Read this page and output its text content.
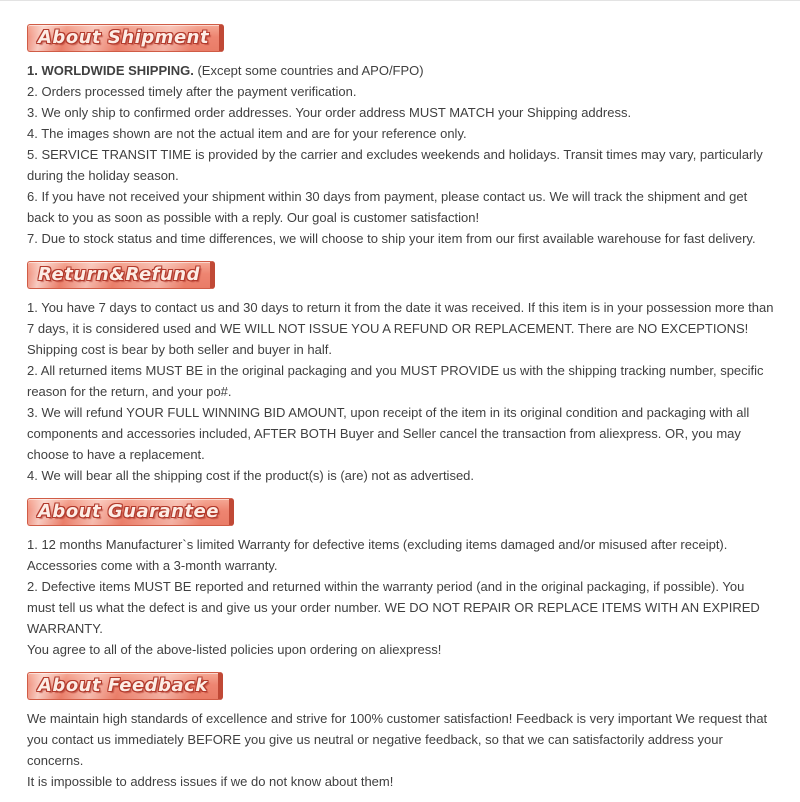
About Shipment

1. WORLDWIDE SHIPPING. (Except some countries and APO/FPO)

2. Orders processed timely after the payment verification.

3. We only ship to confirmed order addresses. Your order address MUST MATCH your Shipping address.

4. The images shown are not the actual item and are for your reference only.

5. SERVICE TRANSIT TIME is provided by the carrier and excludes weekends and holidays. Transit times may vary, particularly during the holiday season.

6. If you have not received your shipment within 30 days from payment, please contact us. We will track the shipment and get back to you as soon as possible with a reply. Our goal is customer satisfaction!

7. Due to stock status and time differences, we will choose to ship your item from our first available warehouse for fast delivery.

Return&Refund

1. You have 7 days to contact us and 30 days to return it from the date it was received. If this item is in your possession more than 7 days, it is considered used and WE WILL NOT ISSUE YOU A REFUND OR REPLACEMENT. There are NO EXCEPTIONS! Shipping cost is bear by both seller and buyer in half.

2. All returned items MUST BE in the original packaging and you MUST PROVIDE us with the shipping tracking number, specific reason for the return, and your po#.

3. We will refund YOUR FULL WINNING BID AMOUNT, upon receipt of the item in its original condition and packaging with all components and accessories included, AFTER BOTH Buyer and Seller cancel the transaction from aliexpress. OR, you may choose to have a replacement.

4. We will bear all the shipping cost if the product(s) is (are) not as advertised.

About Guarantee

1. 12 months Manufacturer`s limited Warranty for defective items (excluding items damaged and/or misused after receipt). Accessories come with a 3-month warranty.

2. Defective items MUST BE reported and returned within the warranty period (and in the original packaging, if possible). You must tell us what the defect is and give us your order number. WE DO NOT REPAIR OR REPLACE ITEMS WITH AN EXPIRED WARRANTY.

You agree to all of the above-listed policies upon ordering on aliexpress!

About Feedback

We maintain high standards of excellence and strive for 100% customer satisfaction! Feedback is very important We request that you contact us immediately BEFORE you give us neutral or negative feedback, so that we can satisfactorily address your concerns.

It is impossible to address issues if we do not know about them!
